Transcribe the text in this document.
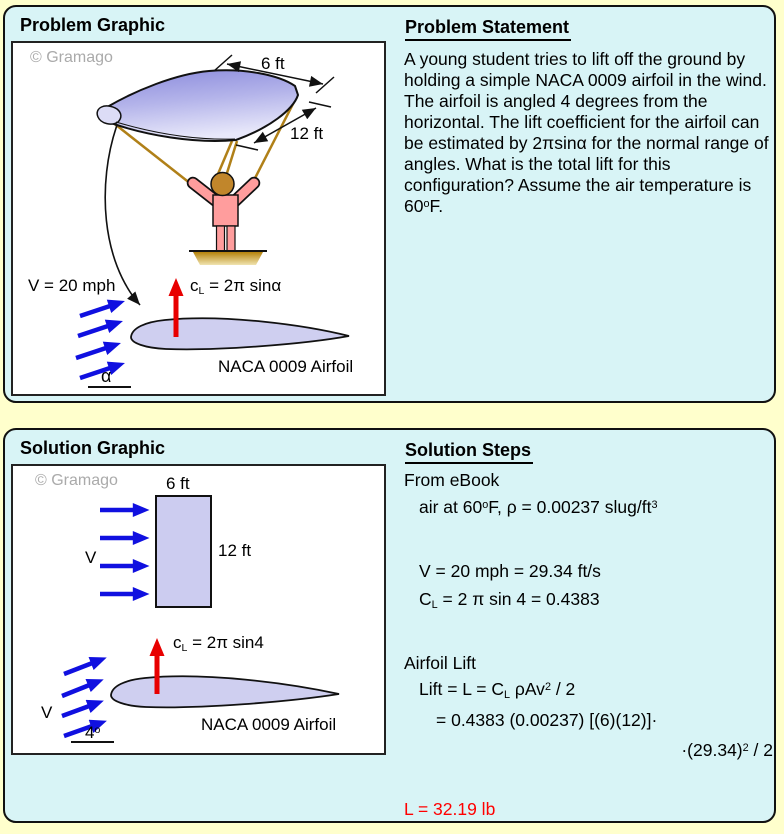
Problem Graphic
© Gramago	6 ft
12 ft
V = 20 mph	$c_L = 2\pi$ sinα
α	NACA 0009 Airfoil
Problem Statement
A young student tries to lift off the ground by holding a simple NACA 0009 airfoil in the wind. The airfoil is angled 4 degrees from the horizontal. The lift coefficient for the airfoil can be estimated by 2πsinα for the normal range of angles. What is the total lift for this configuration? Assume the air temperature is 60$^o$F.
Solution Graphic
© Gramago	6 ft
12 ft
V
$c_L = 2\pi$ sin4
V
4$^o$	NACA 0009 Airfoil
Solution Steps
From eBook
air at 60$^o$F, ρ = 0.00237 slug/$ft^3$
V = 20 mph = 29.34 ft/s
$C_L = 2$ π sin 4 = 0.4383
Airfoil Lift
Lift = $L = C_L$ ρAv$^2$ / 2
= 0.4383 (0.00237) [(6)(12)]·
$\cdot(29.34)^2 / 2$
L = 32.19 lb
